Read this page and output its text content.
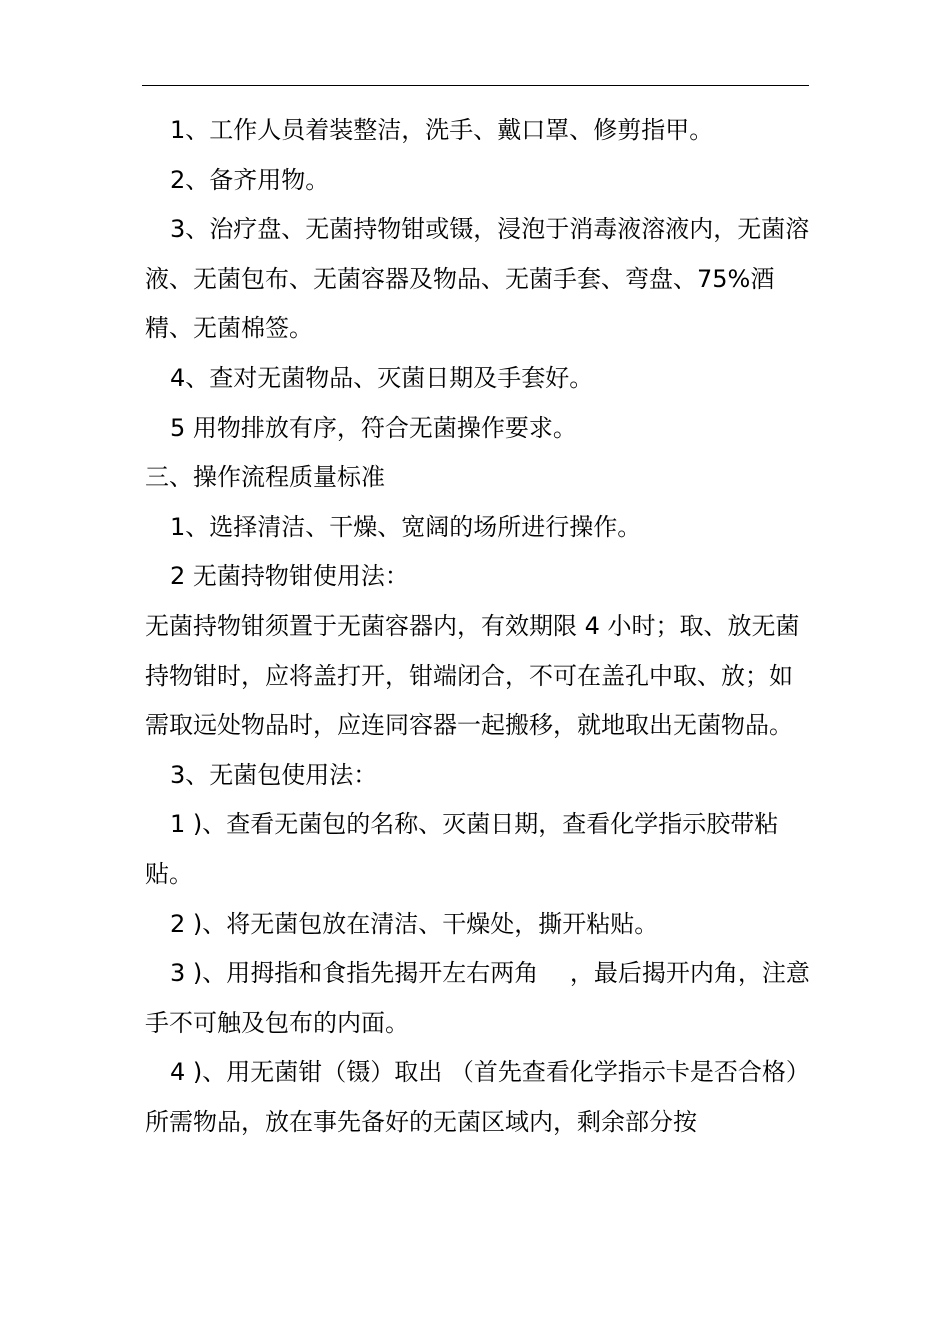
1、工作人员着装整洁，洗手、戴口罩、修剪指甲。

2、备齐用物。

3、治疗盘、无菌持物钳或镊，浸泡于消毒液溶液内，无菌溶液、无菌包布、无菌容器及物品、无菌手套、弯盘、75%酒精、无菌棉签。

4、查对无菌物品、灭菌日期及手套好。

5 用物排放有序，符合无菌操作要求。

三、操作流程质量标准

1、选择清洁、干燥、宽阔的场所进行操作。

2 无菌持物钳使用法：

无菌持物钳须置于无菌容器内，有效期限 4 小时；取、放无菌持物钳时，应将盖打开，钳端闭合，不可在盖孔中取、放；如需取远处物品时，应连同容器一起搬移，就地取出无菌物品。

3、无菌包使用法：

1 )、查看无菌包的名称、灭菌日期，查看化学指示胶带粘贴。

2 )、将无菌包放在清洁、干燥处，撕开粘贴。

3 )、用拇指和食指先揭开左右两角　 ，最后揭开内角，注意手不可触及包布的内面。

4 )、用无菌钳（镊）取出 （首先查看化学指示卡是否合格） 所需物品，放在事先备好的无菌区域内，剩余部分按
